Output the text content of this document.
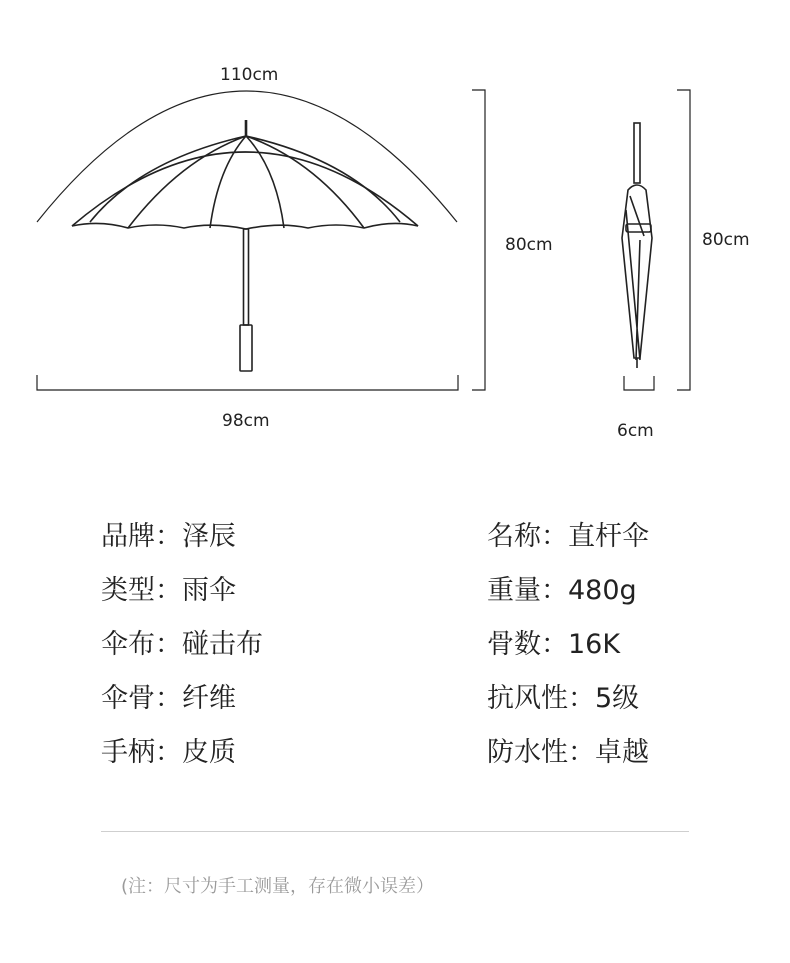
110cm
80cm
98cm
80cm
6cm
品牌：泽辰
类型：雨伞
伞布：碰击布
伞骨：纤维
手柄：皮质
名称：直杆伞
重量：480g
骨数：16K
抗风性：5级
防水性：卓越
(注：尺寸为手工测量，存在微小误差）
